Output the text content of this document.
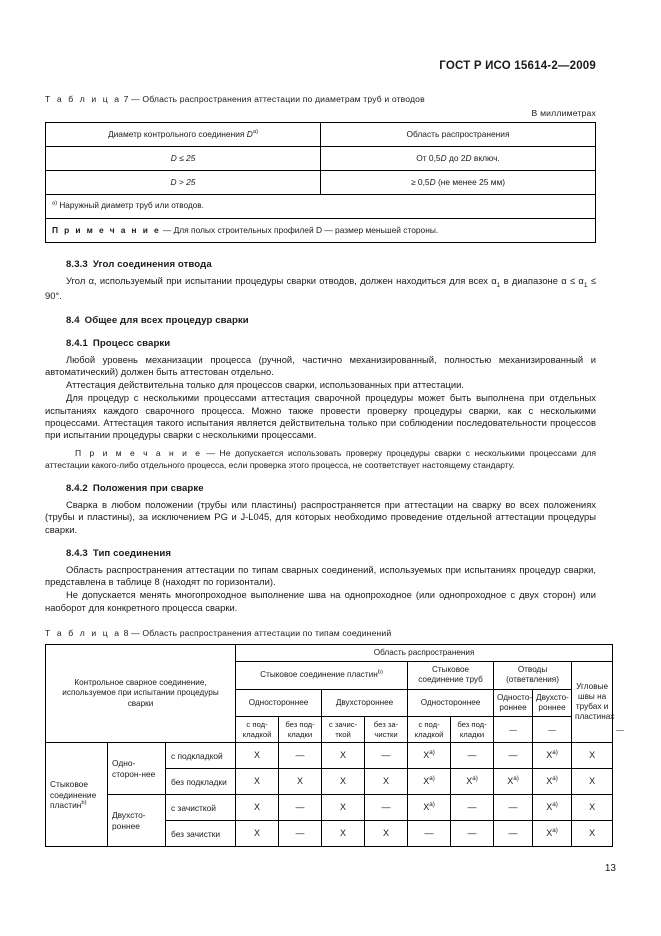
ГОСТ Р ИСО 15614-2—2009
Т а б л и ц а 7 — Область распространения аттестации по диаметрам труб и отводов
В миллиметрах
Диаметр контрольного соединения $D^{a)}$	Область распространения
D ≤ 25	От 0,5D до 2D включ.
D > 25	≥ 0,5D (не менее 25 мм)
$^{a)}$ Наружный диаметр труб или отводов.	
П р и м е ч а н и е — Для полых строительных профилей D — размер меньшей стороны.	
8.3.3 Угол соединения отвода

Угол α, используемый при испытании процедуры сварки отводов, должен находиться для всех $\alpha_1$ в диапазоне $\alpha \le \alpha_1 \le 90^\circ$.

8.4 Общее для всех процедур сварки
8.4.1 Процесс сварки

Любой уровень механизации процесса (ручной, частично механизированный, полностью механизированный и автоматический) должен быть аттестован отдельно.

Аттестация действительна только для процессов сварки, использованных при аттестации.

Для процедур с несколькими процессами аттестация сварочной процедуры может быть выполнена при отдельных испытаниях каждого сварочного процесса. Можно также провести проверку процедуры сварки, как с несколькими процессами. Аттестация такого испытания является действительна только при соблюдении последовательности процессов при испытании процедуры сварки с несколькими процессами.

П р и м е ч а н и е — Не допускается использовать проверку процедуры сварки с несколькими процессами для аттестации какого-либо отдельного процесса, если проверка этого процесса, не соответствует настоящему стандарту.

8.4.2 Положения при сварке

Сварка в любом положении (трубы или пластины) распространяется при аттестации на сварку во всех положениях (трубы и пластины), за исключением PG и J-L045, для которых необходимо проведение отдельной аттестации процедуры сварки.

8.4.3 Тип соединения

Область распространения аттестации по типам сварных соединений, используемых при испытаниях процедур сварки, представлена в таблице 8 (находят по горизонтали).

Не допускается менять многопроходное выполнение шва на однопроходное (или однопроходное с двух сторон) или наоборот для конкретного процесса сварки.

Т а б л и ц а 8 — Область распространения аттестации по типам соединений
Контрольное сварное соединение, используемое при испытании процедуры сварки			Область распространения									
			Стыковое соединение пластин$^{b)}$				Стыковое соединение труб		Отводы (ответвления)		Угловые швы на трубах и пластинах	
			Одностороннее		Двухстороннее		Одностороннее		Односто-роннее	Двухсто-роннее		
			с под-кладкой	без под-кладки	с зачис-ткой	без за-чистки	с под-кладкой	без под-кладки	—	—		—
Стыковое соединение пластин$^{b)}$	Одно-сторон-нее	с подкладкой	X	—	X	—	$X^{a)}$	—	—	$X^{a)}$	X	
		без подкладки	X	X	X	X	$X^{a)}$	$X^{a)}$	$X^{a)}$	$X^{a)}$	X	
	Двухсто-роннее	с зачисткой	X	—	X	—	$X^{a)}$	—	—	$X^{a)}$	X	
		без зачистки	X	—	X	X	—	—	—	$X^{a)}$	X	
13
